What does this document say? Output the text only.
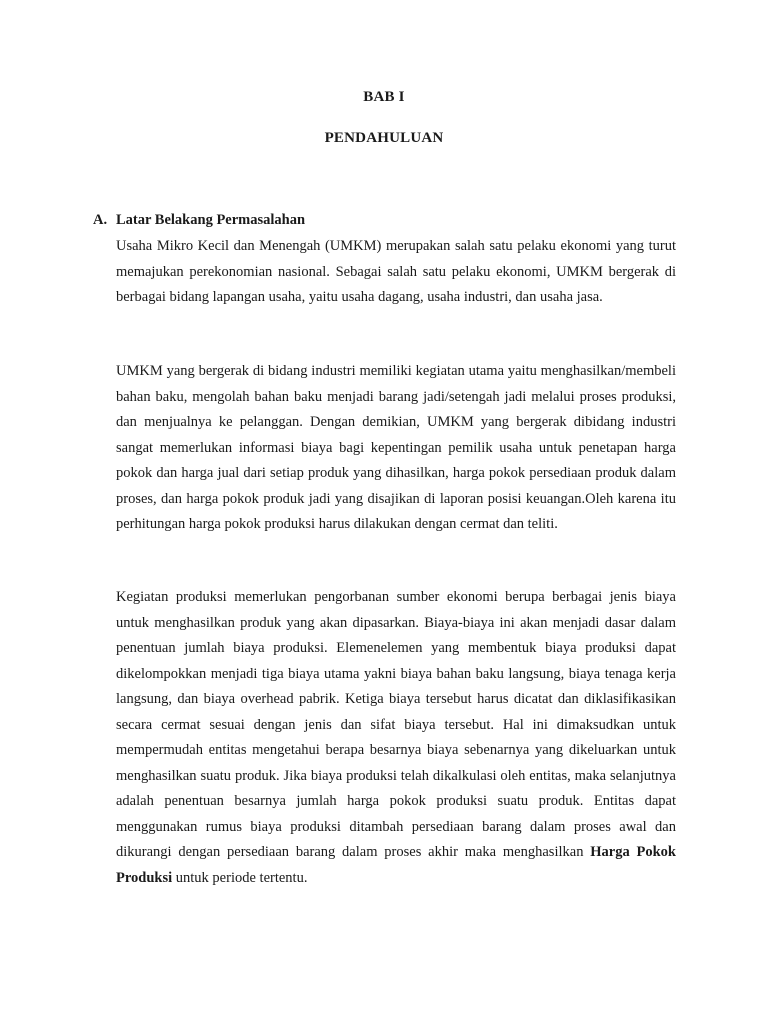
BAB I
PENDAHULUAN
A. Latar Belakang Permasalahan

Usaha Mikro Kecil dan Menengah (UMKM) merupakan salah satu pelaku ekonomi yang turut memajukan perekonomian nasional. Sebagai salah satu pelaku ekonomi, UMKM bergerak di berbagai bidang lapangan usaha, yaitu usaha dagang, usaha industri, dan usaha jasa.

UMKM yang bergerak di bidang industri memiliki kegiatan utama yaitu menghasilkan/membeli bahan baku, mengolah bahan baku menjadi barang jadi/setengah jadi melalui proses produksi, dan menjualnya ke pelanggan. Dengan demikian, UMKM yang bergerak dibidang industri sangat memerlukan informasi biaya bagi kepentingan pemilik usaha untuk penetapan harga pokok dan harga jual dari setiap produk yang dihasilkan, harga pokok persediaan produk dalam proses, dan harga pokok produk jadi yang disajikan di laporan posisi keuangan.Oleh karena itu perhitungan harga pokok produksi harus dilakukan dengan cermat dan teliti.

Kegiatan produksi memerlukan pengorbanan sumber ekonomi berupa berbagai jenis biaya untuk menghasilkan produk yang akan dipasarkan. Biaya-biaya ini akan menjadi dasar dalam penentuan jumlah biaya produksi. Elemenelemen yang membentuk biaya produksi dapat dikelompokkan menjadi tiga biaya utama yakni biaya bahan baku langsung, biaya tenaga kerja langsung, dan biaya overhead pabrik. Ketiga biaya tersebut harus dicatat dan diklasifikasikan secara cermat sesuai dengan jenis dan sifat biaya tersebut. Hal ini dimaksudkan untuk mempermudah entitas mengetahui berapa besarnya biaya sebenarnya yang dikeluarkan untuk menghasilkan suatu produk. Jika biaya produksi telah dikalkulasi oleh entitas, maka selanjutnya adalah penentuan besarnya jumlah harga pokok produksi suatu produk. Entitas dapat menggunakan rumus biaya produksi ditambah persediaan barang dalam proses awal dan dikurangi dengan persediaan barang dalam proses akhir maka menghasilkan Harga Pokok Produksi untuk periode tertentu.
